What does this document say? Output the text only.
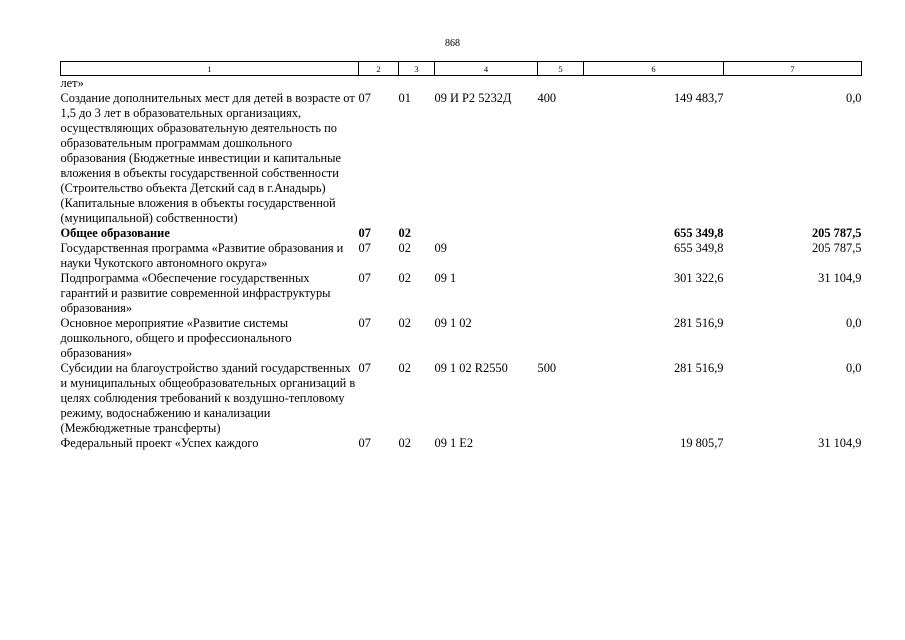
868
1	2	3	4	5	6	7
лет»						
Создание дополнительных мест для детей в возрасте от 1,5 до 3 лет в образовательных организациях, осуществляющих образовательную деятельность по образовательным программам дошкольного образования (Бюджетные инвестиции и капитальные вложения в объекты государственной собственности (Строительство объекта Детский сад в г.Анадырь) (Капитальные вложения в объекты государственной (муниципальной) собственности)	07	01	09 И Р2 5232Д	400	149 483,7	0,0
Общее образование	07	02			655 349,8	205 787,5
Государственная программа «Развитие образования и науки Чукотского автономного округа»	07	02	09		655 349,8	205 787,5
Подпрограмма «Обеспечение государственных гарантий и развитие современной инфраструктуры образования»	07	02	09 1		301 322,6	31 104,9
Основное мероприятие «Развитие системы дошкольного, общего и профессионального образования»	07	02	09 1 02		281 516,9	0,0
Субсидии на благоустройство зданий государственных и муниципальных общеобразовательных организаций в целях соблюдения требований к воздушно-тепловому режиму, водоснабжению и канализации (Межбюджетные трансферты)	07	02	09 1 02 R2550	500	281 516,9	0,0
Федеральный проект «Успех каждого	07	02	09 1 Е2		19 805,7	31 104,9
